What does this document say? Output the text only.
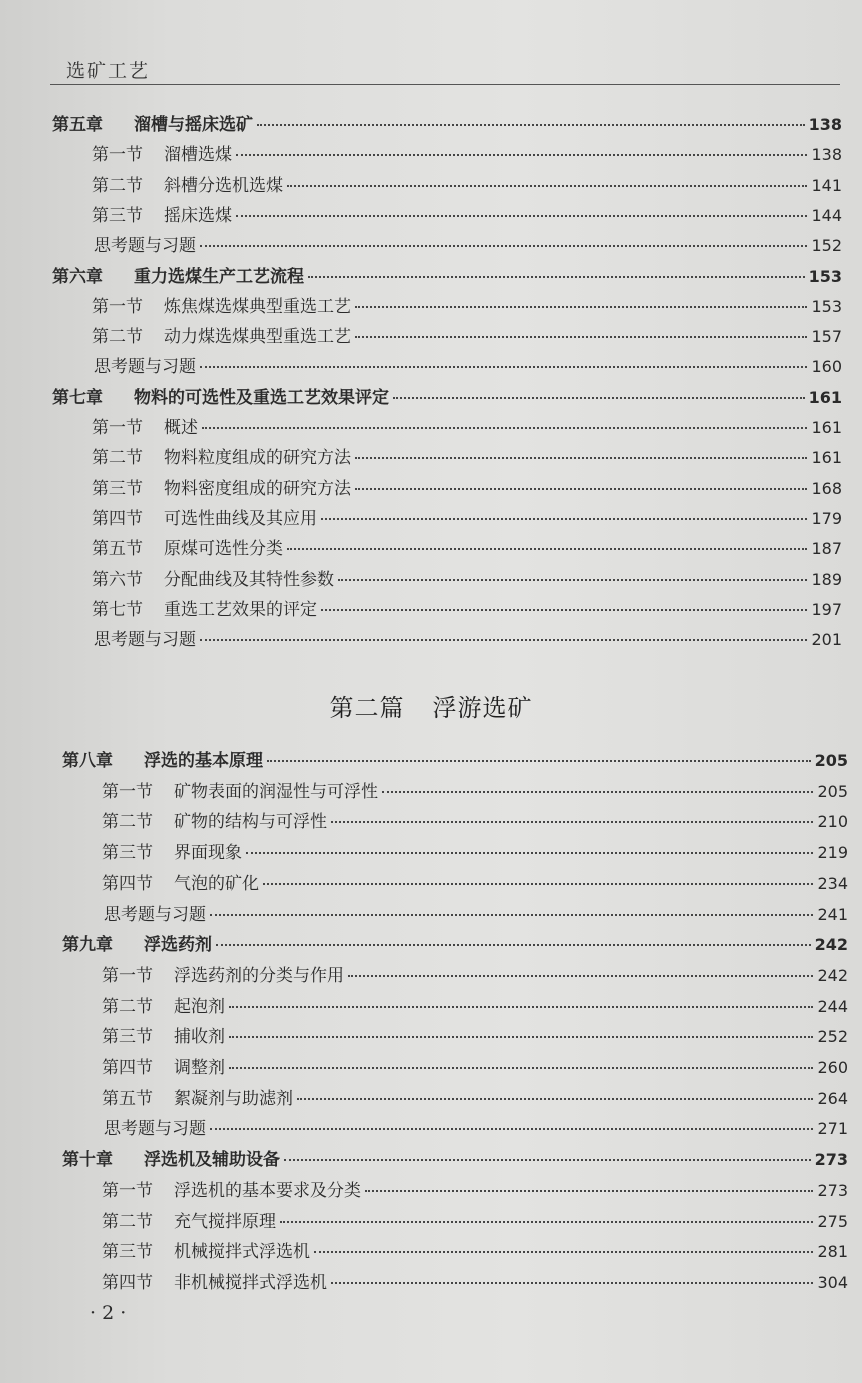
选矿工艺
第二篇 浮游选矿
第五章	溜槽与摇床选矿	138
第一节	溜槽选煤	138
第二节	斜槽分选机选煤	141
第三节	摇床选煤	144
思考题与习题	152
第六章	重力选煤生产工艺流程	153
第一节	炼焦煤选煤典型重选工艺	153
第二节	动力煤选煤典型重选工艺	157
思考题与习题	160
第七章	物料的可选性及重选工艺效果评定	161
第一节	概述	161
第二节	物料粒度组成的研究方法	161
第三节	物料密度组成的研究方法	168
第四节	可选性曲线及其应用	179
第五节	原煤可选性分类	187
第六节	分配曲线及其特性参数	189
第七节	重选工艺效果的评定	197
思考题与习题	201
第八章	浮选的基本原理	205
第一节	矿物表面的润湿性与可浮性	205
第二节	矿物的结构与可浮性	210
第三节	界面现象	219
第四节	气泡的矿化	234
思考题与习题	241
第九章	浮选药剂	242
第一节	浮选药剂的分类与作用	242
第二节	起泡剂	244
第三节	捕收剂	252
第四节	调整剂	260
第五节	絮凝剂与助滤剂	264
思考题与习题	271
第十章	浮选机及辅助设备	273
第一节	浮选机的基本要求及分类	273
第二节	充气搅拌原理	275
第三节	机械搅拌式浮选机	281
第四节	非机械搅拌式浮选机	304
· 2 ·
